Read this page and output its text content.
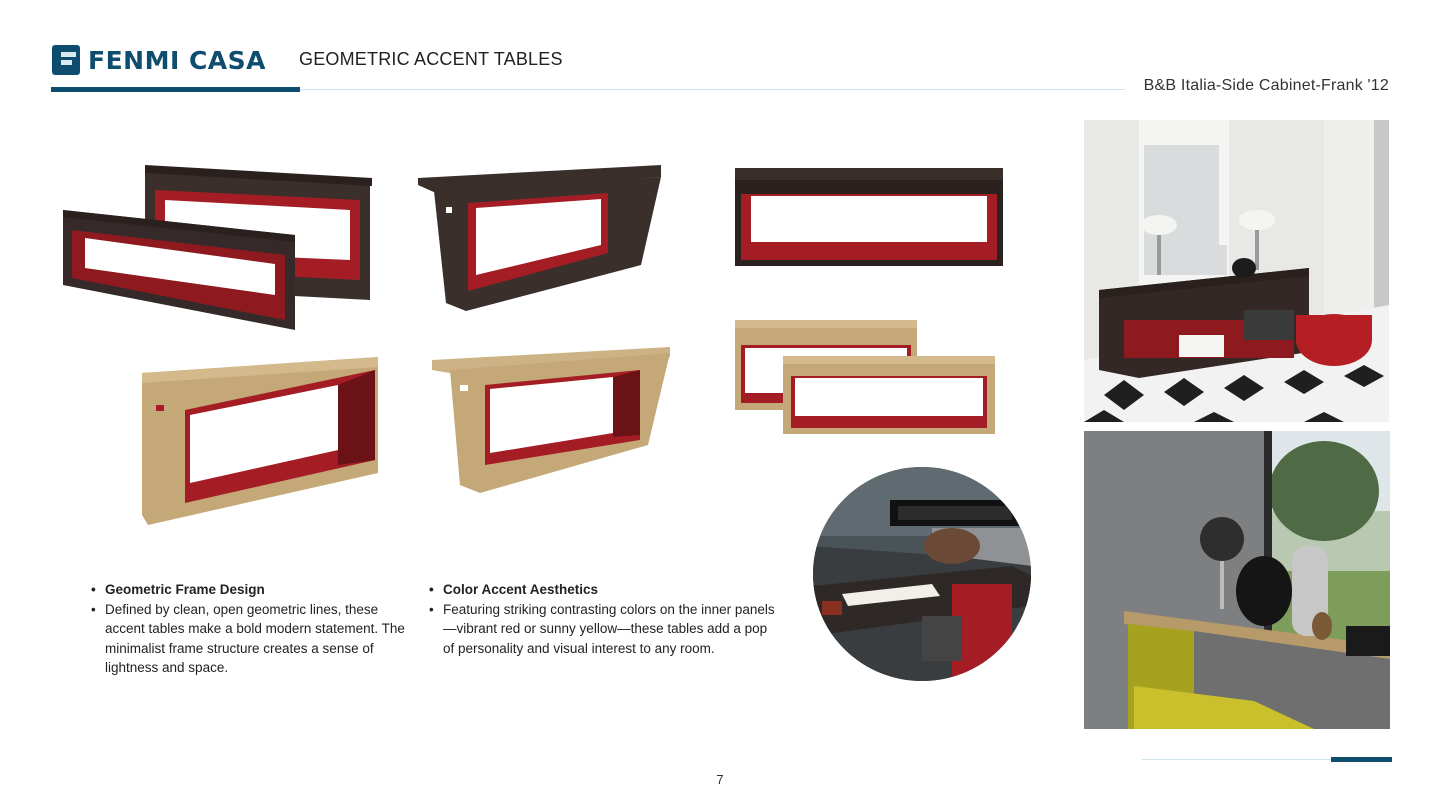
FENMI CASA GEOMETRIC ACCENT TABLES
B&B Italia-Side Cabinet-Frank '12
• Geometric Frame Design
• Defined by clean, open geometric lines, these accent tables make a bold modern statement. The minimalist frame structure creates a sense of lightness and space.
• Color Accent Aesthetics
• Featuring striking contrasting colors on the inner panels—vibrant red or sunny yellow—these tables add a pop of personality and visual interest to any room.
7
